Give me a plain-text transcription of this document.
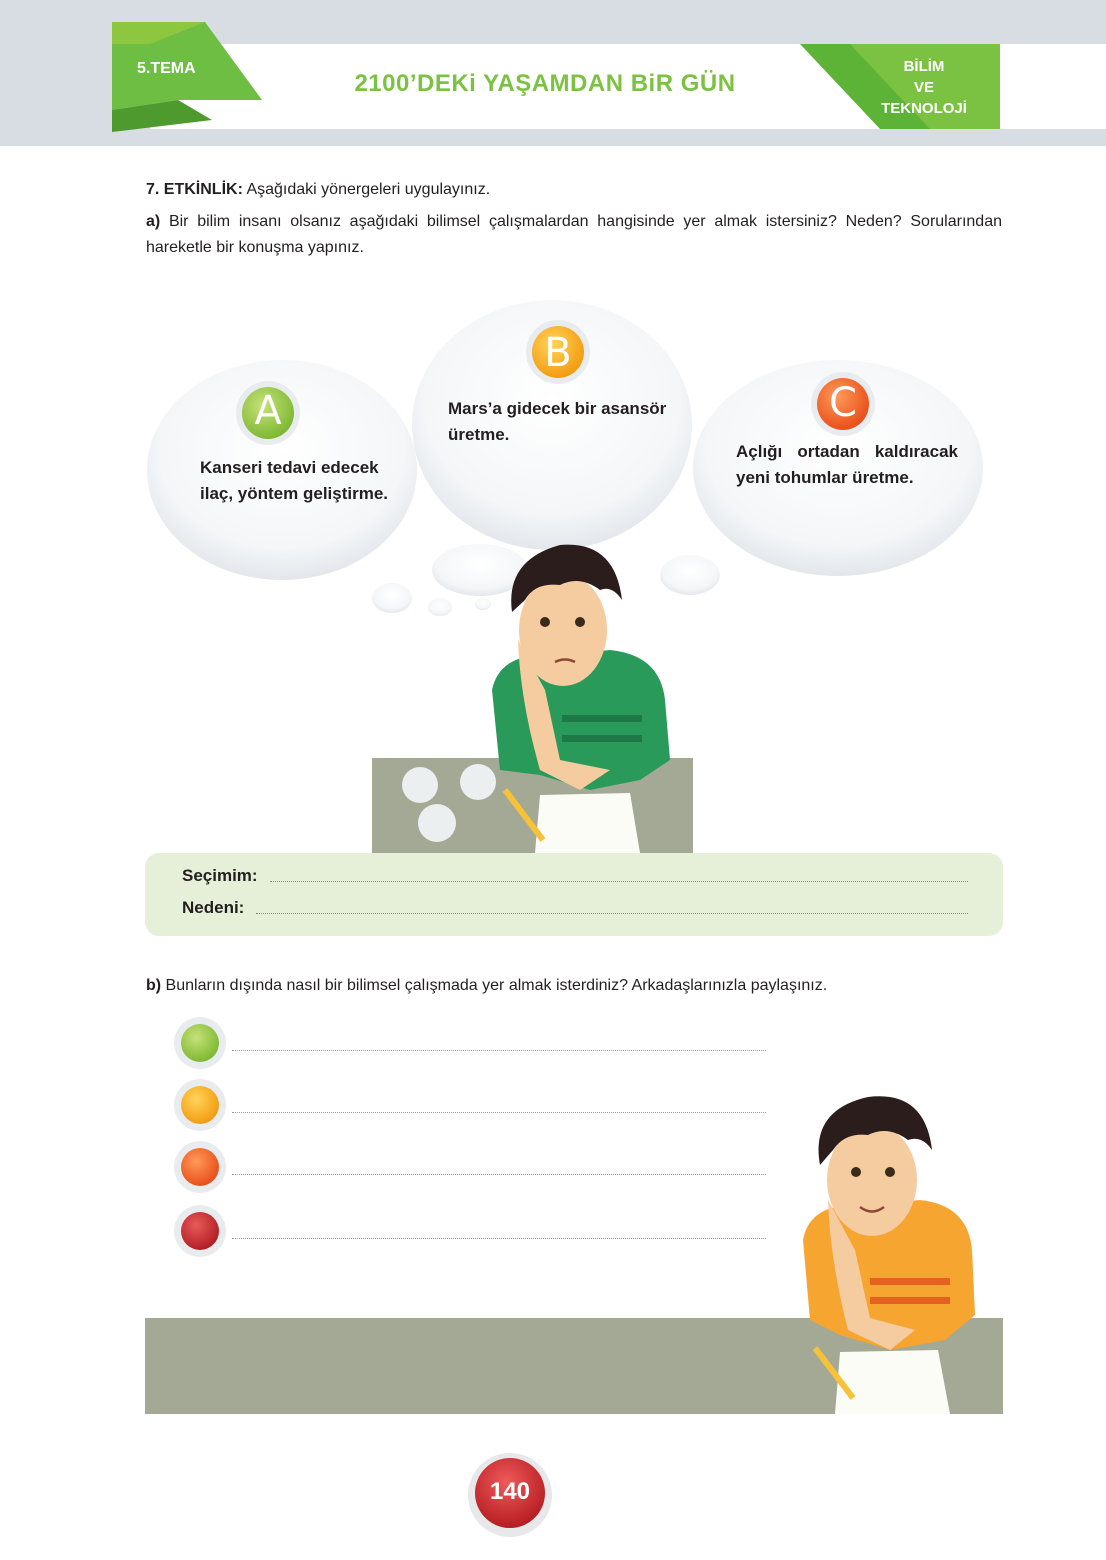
5.TEMA
2100’DEKi YAŞAMDAN BiR GÜN
BİLİM
VE
TEKNOLOJİ
7. ETKİNLİK: Aşağıdaki yönergeleri uygulayınız.
a) Bir bilim insanı olsanız aşağıdaki bilimsel çalışmalardan hangisinde yer almak istersiniz? Neden? Sorularından hareketle bir konuşma yapınız.
A
B
C
Kanseri tedavi edecek ilaç, yöntem geliştirme.
Mars’a gidecek bir asansör üretme.
Açlığı ortadan kaldıracak yeni tohumlar üretme.
Seçimim:
Nedeni:
b) Bunların dışında nasıl bir bilimsel çalışmada yer almak isterdiniz? Arkadaşlarınızla paylaşınız.
140
